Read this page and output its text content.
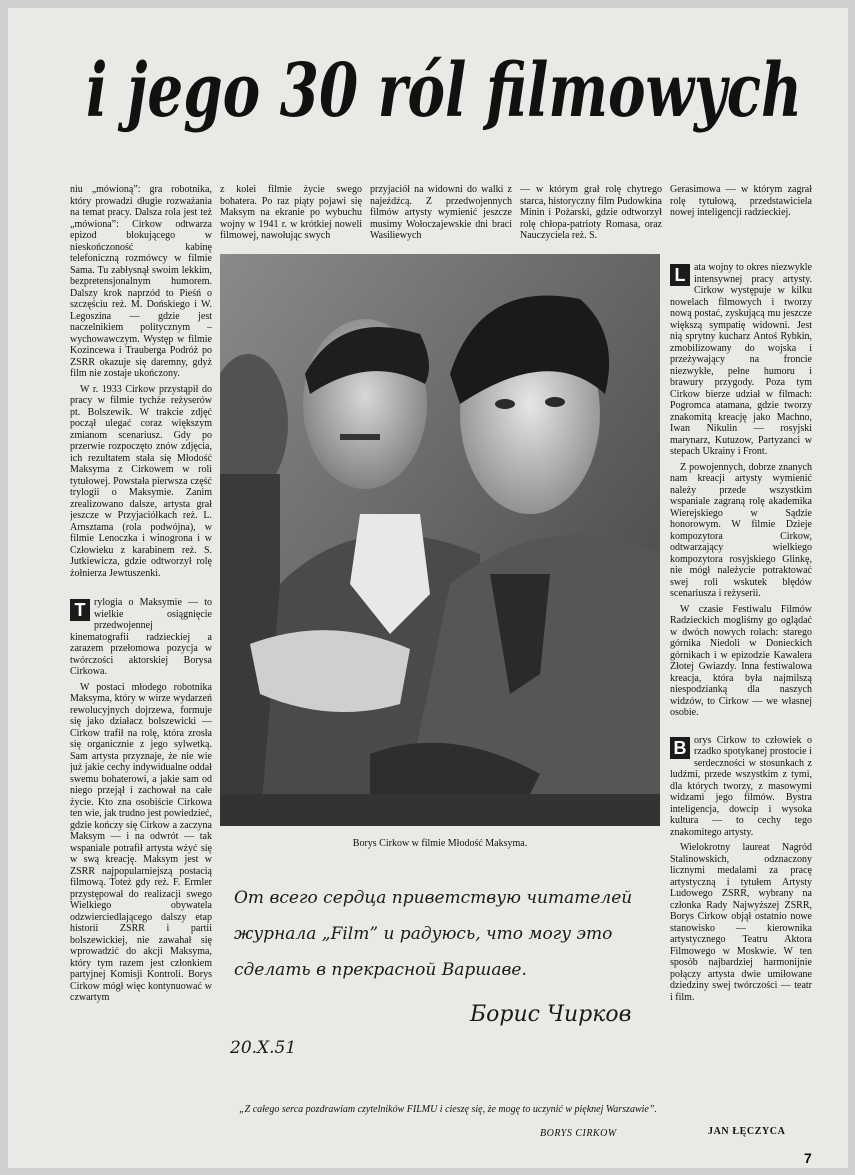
i jego 30 ról filmowych

niu „mówioną”: gra robotnika, który prowadzi długie rozważania na temat pracy. Dalsza rola jest też „mówiona”: Cirkow odtwarza epizod blokującego w nieskończoność kabinę telefoniczną rozmówcy w filmie Sama. Tu zabłysnął swoim lekkim, bezpretensjonalnym humorem. Dalszy krok naprzód to Pieśń o szczęściu reż. M. Dońskiego i W. Legoszina — gdzie jest naczelnikiem politycznym – wychowawczym. Występ w filmie Kozincewa i Trauberga Podróż po ZSRR okazuje się daremny, gdyż film nie zostaje ukończony.

W r. 1933 Cirkow przystąpił do pracy w filmie tychże reżyserów pt. Bolszewik. W trakcie zdjęć począł ulegać coraz większym zmianom scenariusz. Gdy po przerwie rozpoczęto znów zdjęcia, ich rezultatem stała się Młodość Maksyma z Cirkowem w roli tytułowej. Powstała pierwsza część trylogii o Maksymie. Zanim zrealizowano dalsze, artysta grał jeszcze w Przyjaciółkach reż. L. Arnsztama (rola podwójna), w filmie Lenoczka i winogrona i w Człowieku z karabinem reż. S. Jutkiewicza, gdzie odtworzył rolę żołnierza Jewtuszenki.

T rylogia o Maksymie — to wielkie osiągnięcie przedwojennej kinematografii radzieckiej a zarazem przełomowa pozycja w twórczości aktorskiej Borysa Cirkowa.

W postaci młodego robotnika Maksyma, który w wirze wydarzeń rewolucyjnych dojrzewa, formuje się jako działacz bolszewicki — Cirkow trafił na rolę, która zrosła się organicznie z jego sylwetką. Sam artysta przyznaje, że nie wie już jakie cechy indywidualne oddał swemu bohaterowi, a jakie sam od niego przejął i zachował na całe życie. Kto zna osobiście Cirkowa ten wie, jak trudno jest powiedzieć, gdzie kończy się Cirkow a zaczyna Maksym — i na odwrót — tak wspaniale potrafił artysta wżyć się w swą kreację. Maksym jest w ZSRR najpopularniejszą postacią filmową. Toteż gdy reż. F. Ermler przystępował do realizacji swego Wielkiego obywatela odzwierciedlającego dalszy etap historii ZSRR i partii bolszewickiej, nie zawahał się wprowadzić do akcji Maksyma, który tym razem jest członkiem partyjnej Komisji Kontroli. Borys Cirkow mógł więc kontynuować w czwartym

z kolei filmie życie swego bohatera. Po raz piąty pojawi się Maksym na ekranie po wybuchu wojny w 1941 r. w krótkiej noweli filmowej, nawołując swych

przyjaciół na widowni do walki z najeźdźcą. Z przedwojennych filmów artysty wymienić jeszcze musimy Wołoczajewskie dni braci Wasiliewych

— w którym grał rolę chytrego starca, historyczny film Pudowkina Minin i Pożarski, gdzie odtworzył rolę chłopa-patrioty Romasa, oraz Nauczyciela reż. S.

Gerasimowa — w którym zagrał rolę tytułową, przedstawiciela nowej inteligencji radzieckiej.

Borys Cirkow w filmie Młodość Maksyma.

L ata wojny to okres niezwykle intensywnej pracy artysty. Cirkow występuje w kilku nowelach filmowych i tworzy nową postać, zyskującą mu jeszcze większą sympatię widowni. Jest nią sprytny kucharz Antoś Rybkin, zmobilizowany do wojska i przeżywający na froncie niezwykłe, pełne humoru i brawury przygody. Poza tym Cirkow bierze udział w filmach: Pogromca atamana, gdzie tworzy znakomitą kreację jako Machno, Iwan Nikulin — rosyjski marynarz, Kutuzow, Partyzanci w stepach Ukrainy i Front.

Z powojennych, dobrze znanych nam kreacji artysty wymienić należy przede wszystkim wspaniale zagraną rolę akademika Wierejskiego w Sądzie honorowym. W filmie Dzieje kompozytora Cirkow, odtwarzający wielkiego kompozytora rosyjskiego Glinkę, nie mógł należycie potraktować swej roli wskutek błędów scenariusza i reżyserii.

W czasie Festiwalu Filmów Radzieckich mogliśmy go oglądać w dwóch nowych rolach: starego górnika Niedoli w Donieckich górnikach i w epizodzie Kawalera Złotej Gwiazdy. Inna festiwalowa kreacja, która była najmilszą niespodzianką dla naszych widzów, to Cirkow — we własnej osobie.

B orys Cirkow to człowiek o rzadko spotykanej prostocie i serdeczności w stosunkach z ludźmi, przede wszystkim z tymi, dla których tworzy, z masowymi widzami jego filmów. Bystra inteligencja, dowcip i wysoka kultura — to cechy tego znakomitego artysty.

Wielokrotny laureat Nagród Stalinowskich, odznaczony licznymi medalami za pracę artystyczną i tytułem Artysty Ludowego ZSRR, wybrany na członka Rady Najwyższej ZSRR, Borys Cirkow objął ostatnio nowe stanowisko — kierownika artystycznego Teatru Aktora Filmowego w Moskwie. W ten sposób najbardziej harmonijnie połączy artysta dwie umiłowane dziedziny swej twórczości — teatr i film.

От всего сердца приветствую читателей
журнала „Film” и радуюсь, что могу это
сделать в прекрасной Варшаве.
Борис Чирков
20.X.51
„Z całego serca pozdrawiam czytelników FILMU i cieszę się, że mogę to uczynić w pięknej Warszawie”.
BORYS CIRKOW	JAN ŁĘCZYCA
7
